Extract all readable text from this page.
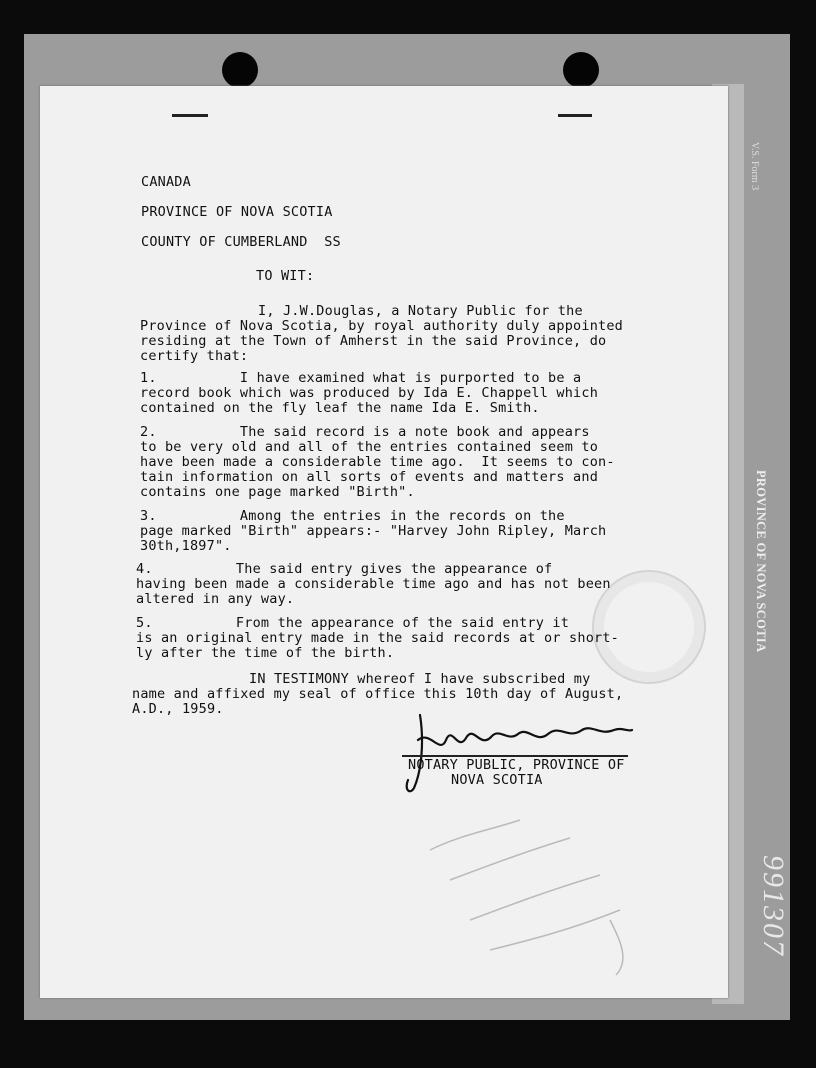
CANADA
PROVINCE OF NOVA SCOTIA
COUNTY OF CUMBERLAND  SS
TO WIT:
I, J.W.Douglas, a Notary Public for the
Province of Nova Scotia, by royal authority duly appointed
residing at the Town of Amherst in the said Province, do
certify that:
1.          I have examined what is purported to be a
record book which was produced by Ida E. Chappell which
contained on the fly leaf the name Ida E. Smith.
2.          The said record is a note book and appears
to be very old and all of the entries contained seem to
have been made a considerable time ago.  It seems to con-
tain information on all sorts of events and matters and
contains one page marked "Birth".
3.          Among the entries in the records on the
page marked "Birth" appears:- "Harvey John Ripley, March
30th,1897".
4.          The said entry gives the appearance of
having been made a considerable time ago and has not been
altered in any way.
5.          From the appearance of the said entry it
is an original entry made in the said records at or short-
ly after the time of the birth.
IN TESTIMONY whereof I have subscribed my
name and affixed my seal of office this 10th day of August,
A.D., 1959.
NOTARY PUBLIC, PROVINCE OF
NOVA SCOTIA
V.S. Form 3
PROVINCE OF NOVA SCOTIA
991307
